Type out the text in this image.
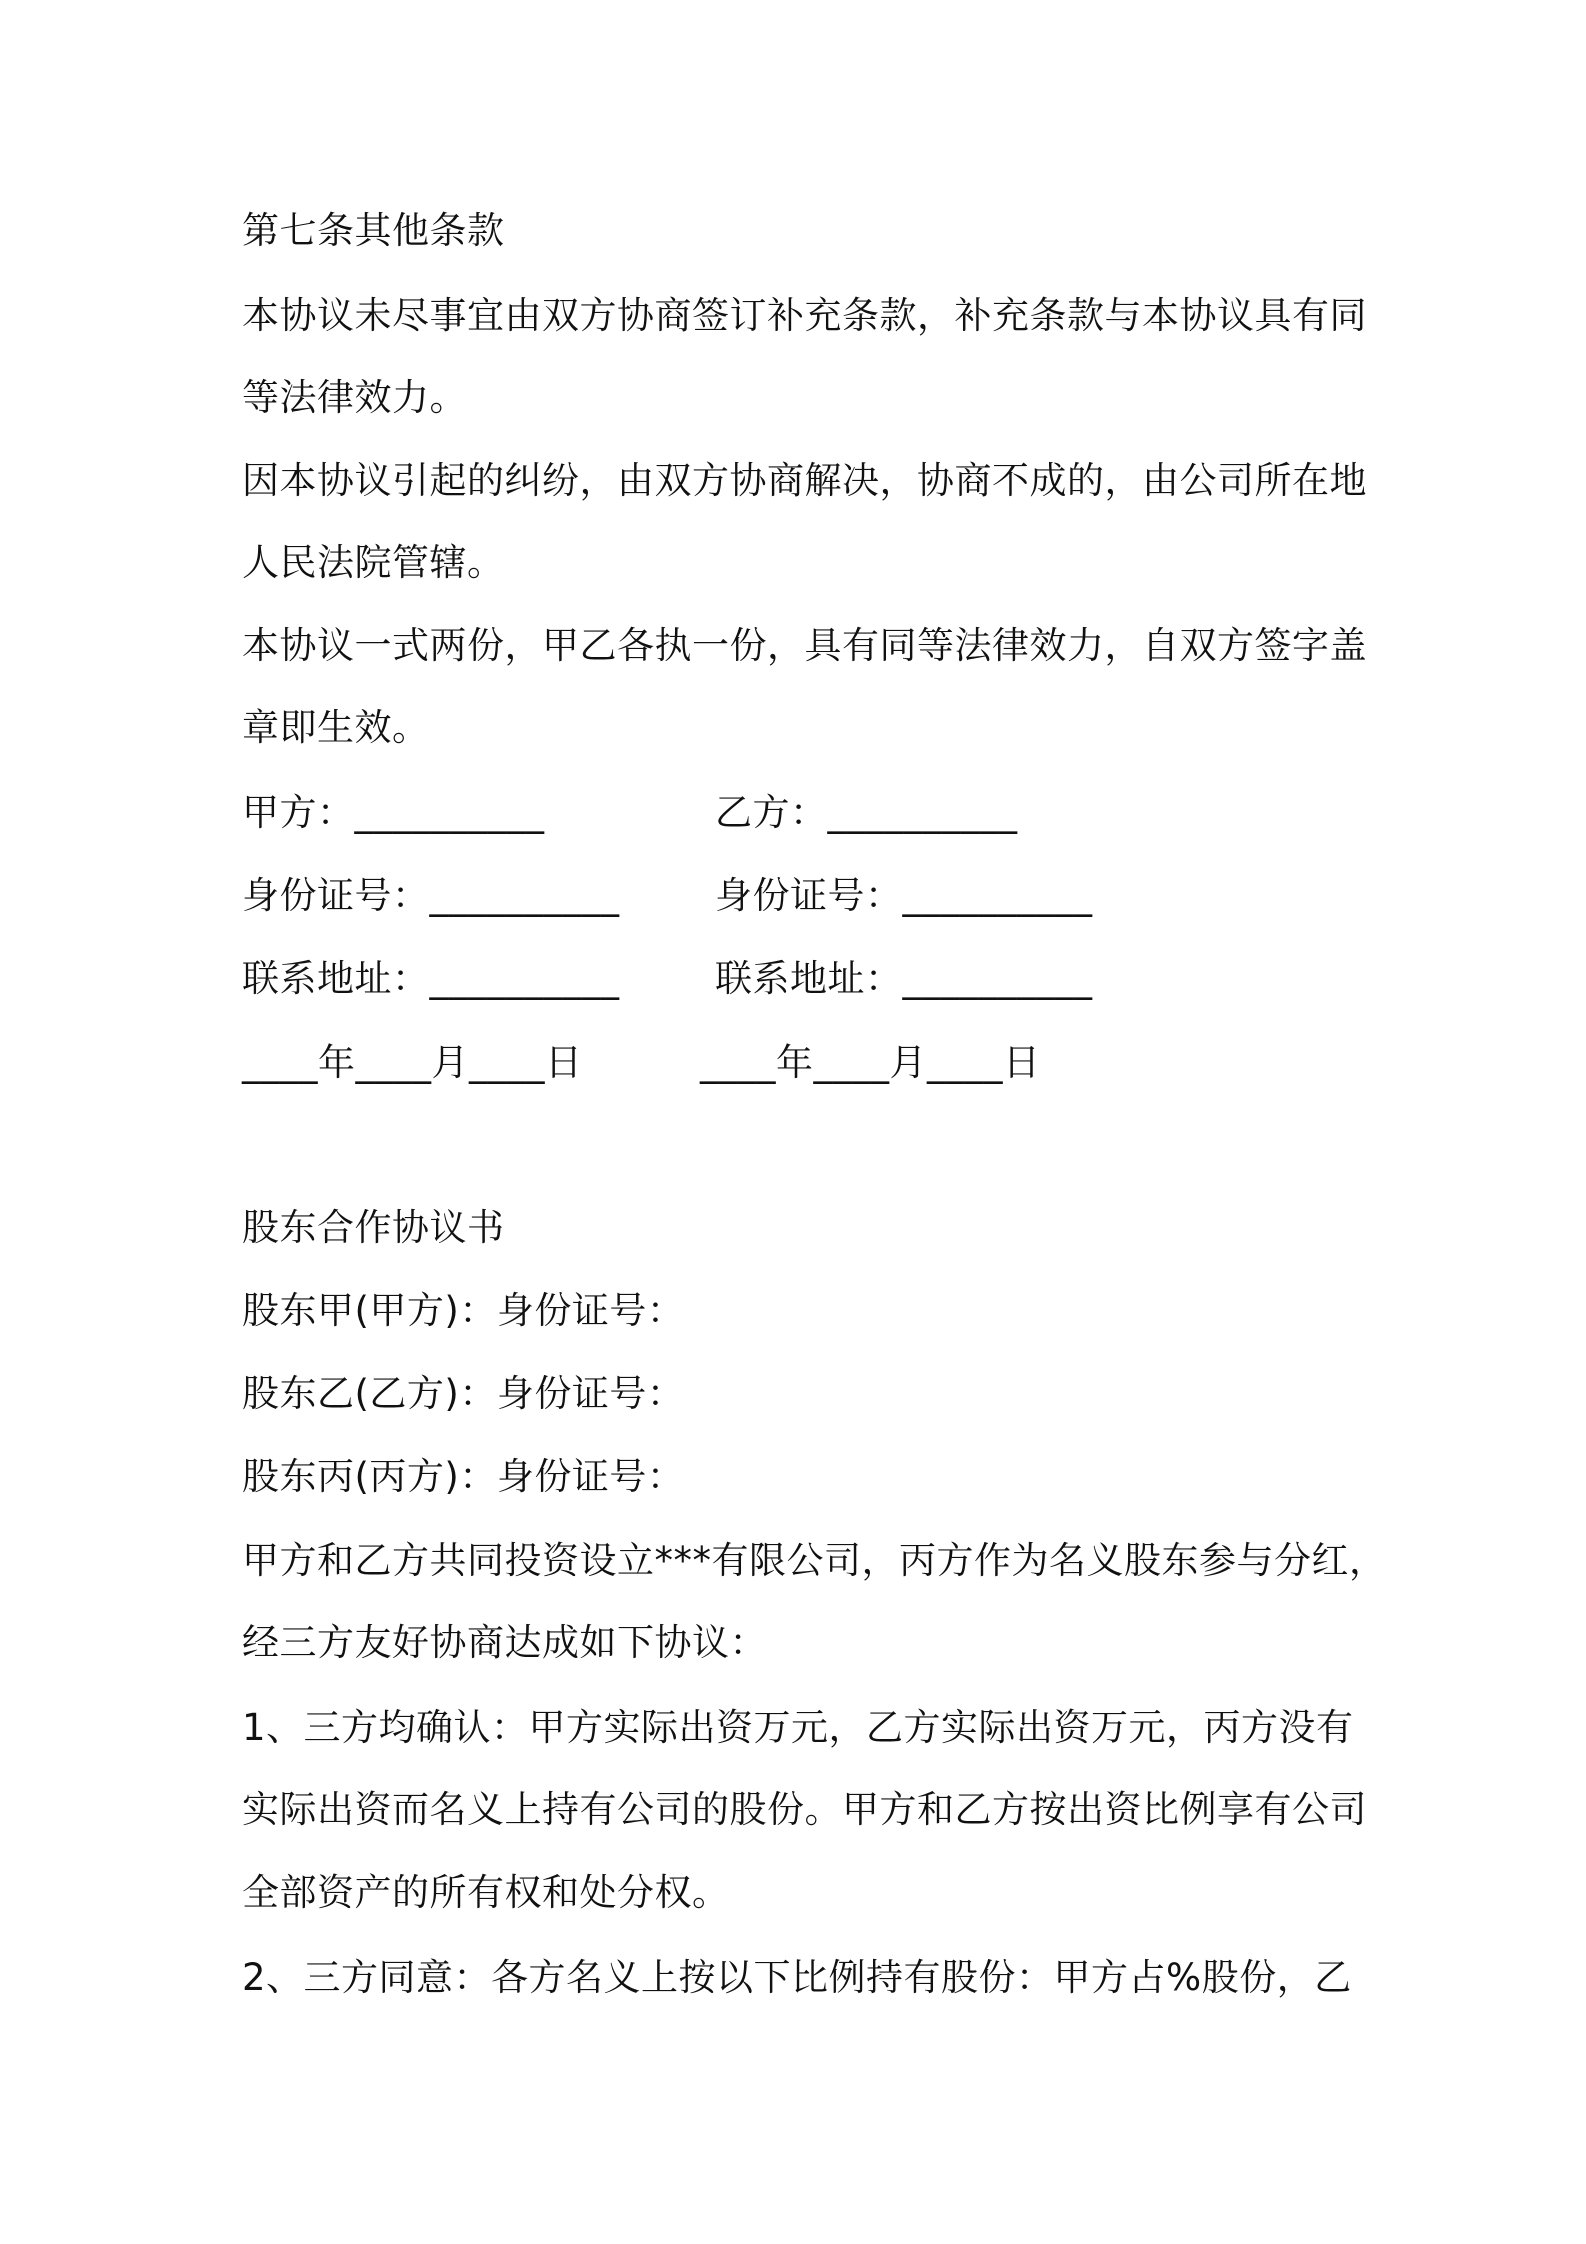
第七条其他条款
本协议未尽事宜由双方协商签订补充条款，补充条款与本协议具有同
等法律效力。
因本协议引起的纠纷，由双方协商解决，协商不成的，由公司所在地
人民法院管辖。
本协议一式两份，甲乙各执一份，具有同等法律效力，自双方签字盖
章即生效。
甲方：__________	乙方：__________
身份证号：__________	身份证号：__________
联系地址：__________	联系地址：__________
____年____月____日	____年____月____日
股东合作协议书
股东甲(甲方)：身份证号：
股东乙(乙方)：身份证号：
股东丙(丙方)：身份证号：
甲方和乙方共同投资设立***有限公司，丙方作为名义股东参与分红，
经三方友好协商达成如下协议：
1、三方均确认：甲方实际出资万元，乙方实际出资万元，丙方没有
实际出资而名义上持有公司的股份。甲方和乙方按出资比例享有公司
全部资产的所有权和处分权。
2、三方同意：各方名义上按以下比例持有股份：甲方占%股份，乙
